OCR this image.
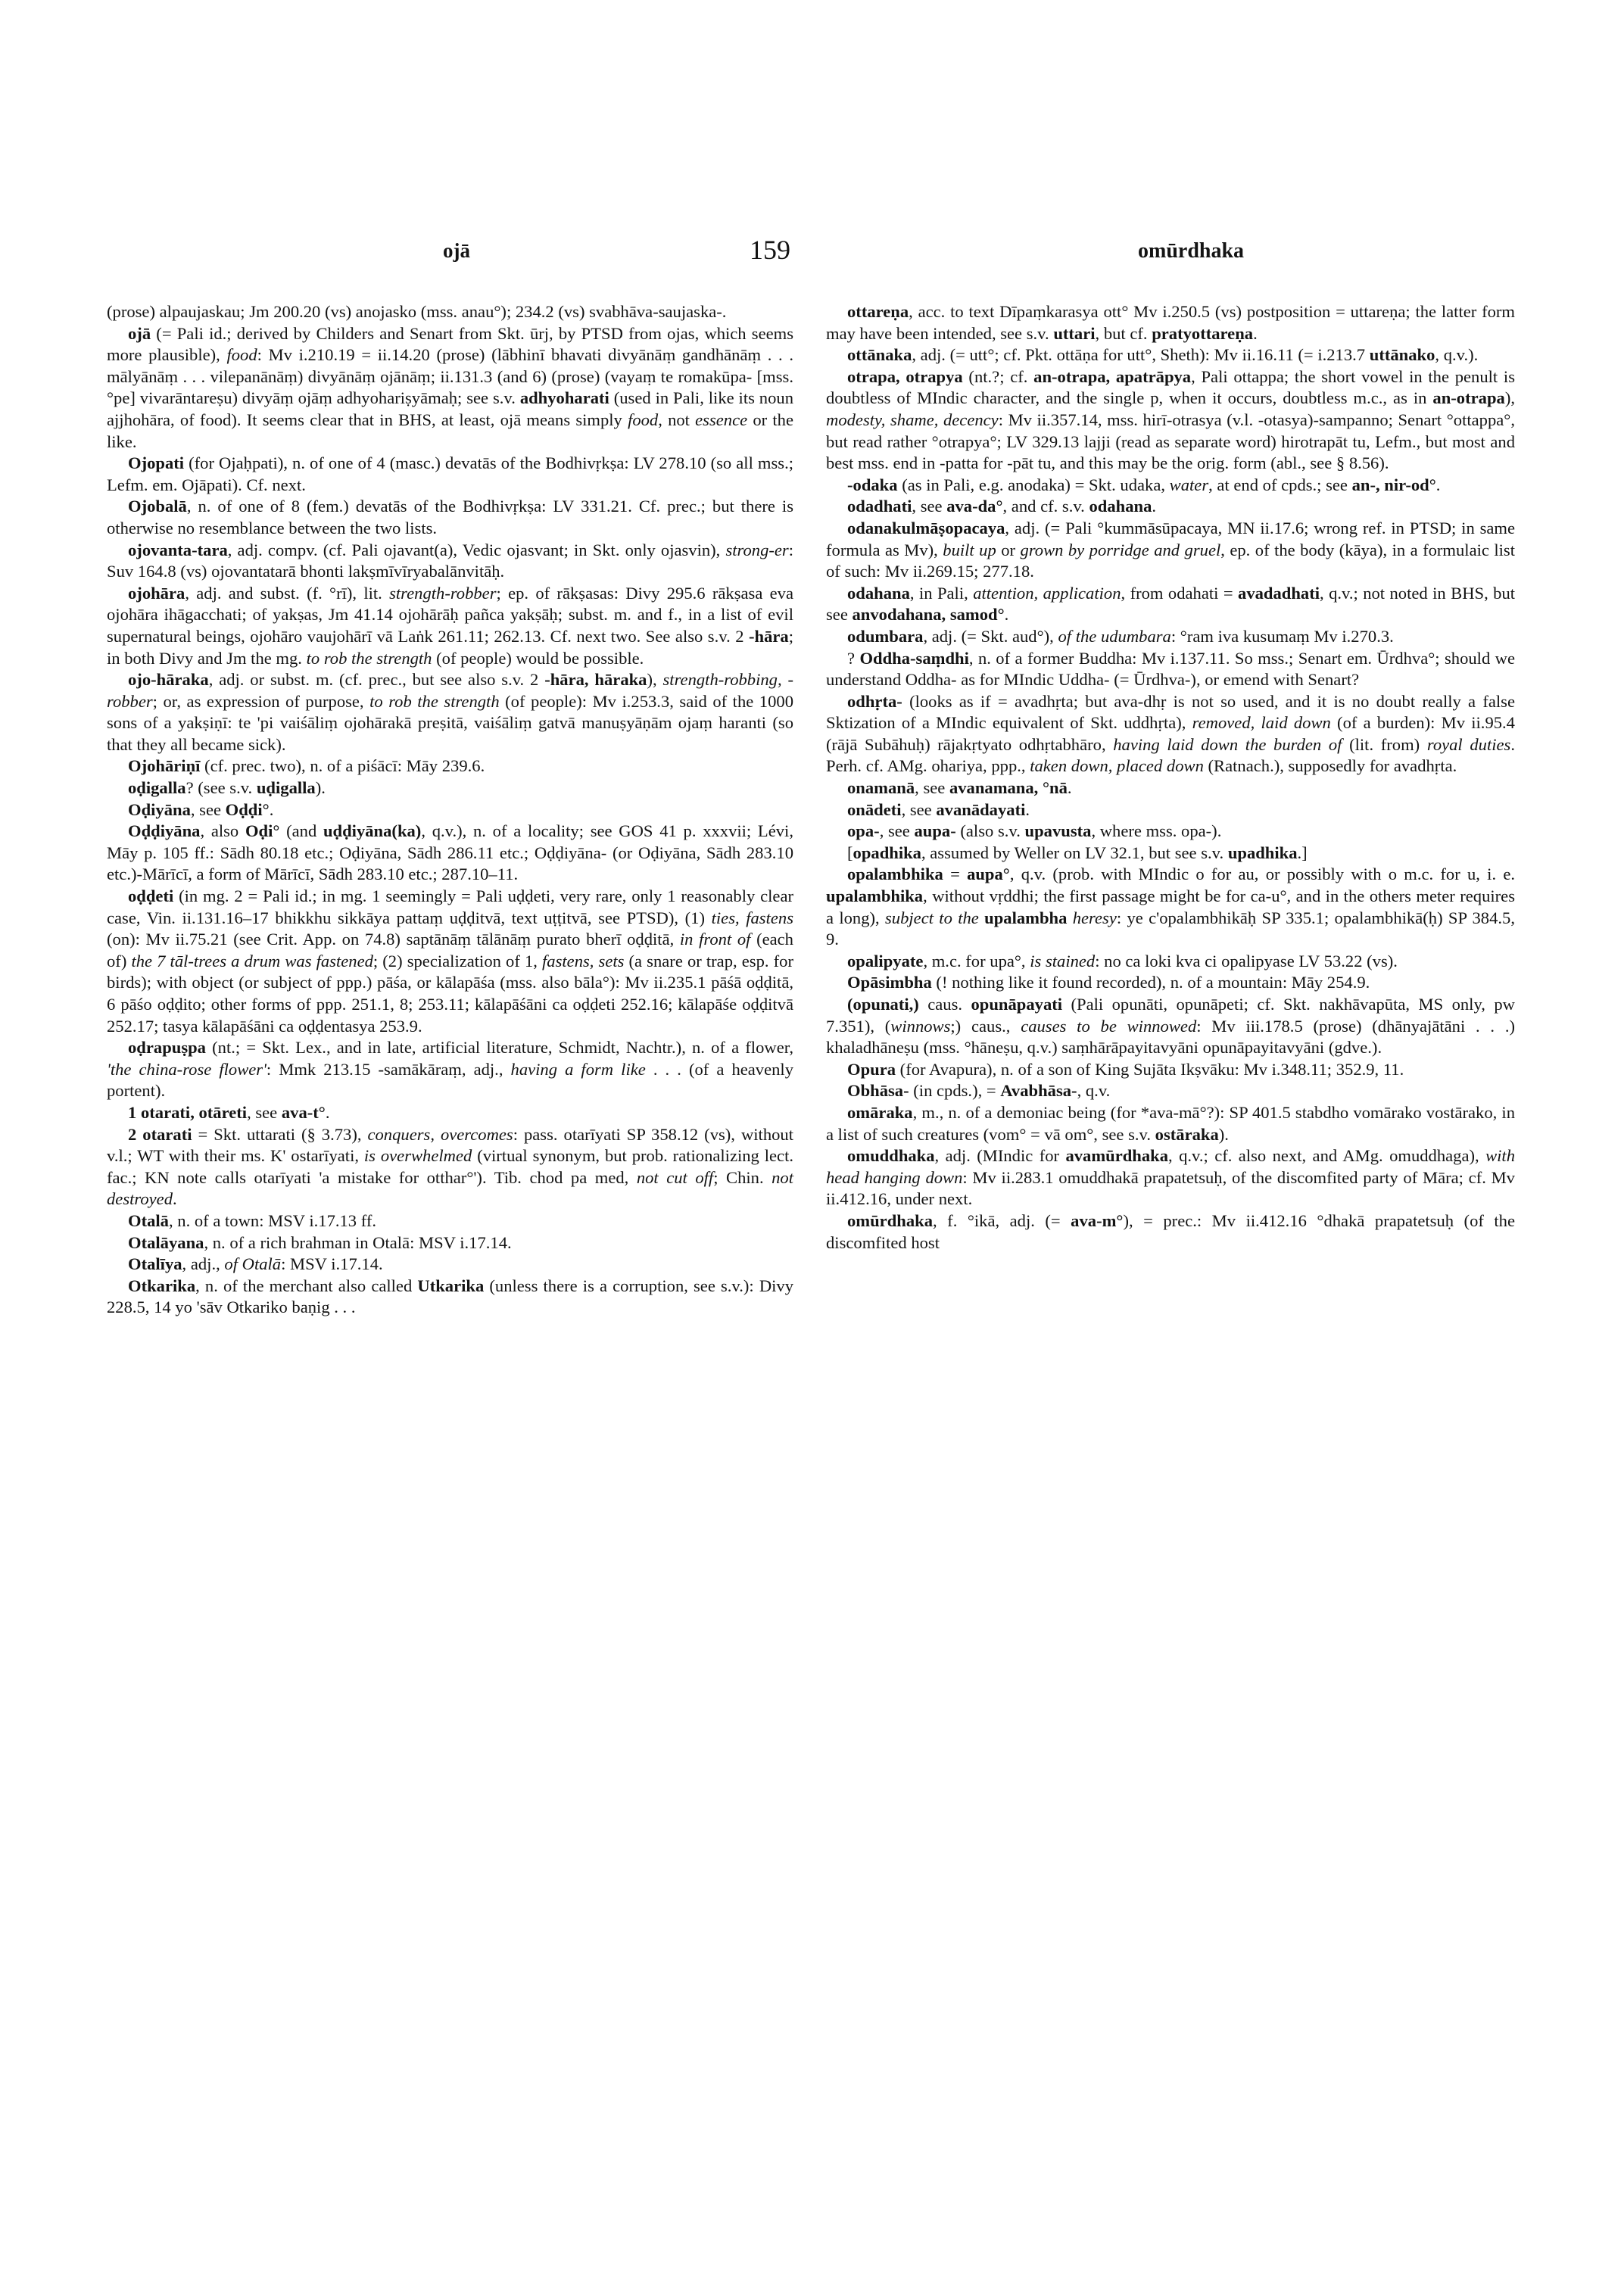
ojā	159	omūrdhaka

(prose) alpaujaskau; Jm 200.20 (vs) anojasko (mss. anau°); 234.2 (vs) svabhāva-saujaska-.

ojā (= Pali id.; derived by Childers and Senart from Skt. ūrj, by PTSD from ojas, which seems more plausible), food: Mv i.210.19 = ii.14.20 (prose) (lābhinī bhavati divyānāṃ gandhānāṃ . . . mālyānāṃ . . . vilepanānāṃ) divyānāṃ ojānāṃ; ii.131.3 (and 6) (prose) (vayaṃ te romakūpa- [mss. °pe] vivarāntareṣu) divyāṃ ojāṃ adhyohariṣyāmaḥ; see s.v. adhyoharati (used in Pali, like its noun ajjhohāra, of food). It seems clear that in BHS, at least, ojā means simply food, not essence or the like.

Ojopati (for Ojaḥpati), n. of one of 4 (masc.) devatās of the Bodhivṛkṣa: LV 278.10 (so all mss.; Lefm. em. Ojāpati). Cf. next.

Ojobalā, n. of one of 8 (fem.) devatās of the Bodhivṛkṣa: LV 331.21. Cf. prec.; but there is otherwise no resemblance between the two lists.

ojovanta-tara, adj. compv. (cf. Pali ojavant(a), Vedic ojasvant; in Skt. only ojasvin), strong-er: Suv 164.8 (vs) ojovantatarā bhonti lakṣmīvīryabalānvitāḥ.

ojohāra, adj. and subst. (f. °rī), lit. strength-robber; ep. of rākṣasas: Divy 295.6 rākṣasa eva ojohāra ihāgacchati; of yakṣas, Jm 41.14 ojohārāḥ pañca yakṣāḥ; subst. m. and f., in a list of evil supernatural beings, ojohāro vaujohārī vā Laṅk 261.11; 262.13. Cf. next two. See also s.v. 2 -hāra; in both Divy and Jm the mg. to rob the strength (of people) would be possible.

ojo-hāraka, adj. or subst. m. (cf. prec., but see also s.v. 2 -hāra, hāraka), strength-robbing, -robber; or, as expression of purpose, to rob the strength (of people): Mv i.253.3, said of the 1000 sons of a yakṣiṇī: te 'pi vaiśāliṃ ojohārakā preṣitā, vaiśāliṃ gatvā manuṣyāṇām ojaṃ haranti (so that they all became sick).

Ojohāriṇī (cf. prec. two), n. of a piśācī: Māy 239.6.

oḍigalla? (see s.v. uḍigalla).

Oḍiyāna, see Oḍḍi°.

Oḍḍiyāna, also Oḍi° (and uḍḍiyāna(ka), q.v.), n. of a locality; see GOS 41 p. xxxvii; Lévi, Māy p. 105 ff.: Sādh 80.18 etc.; Oḍiyāna, Sādh 286.11 etc.; Oḍḍiyāna- (or Oḍiyāna, Sādh 283.10 etc.)-Mārīcī, a form of Mārīcī, Sādh 283.10 etc.; 287.10–11.

oḍḍeti (in mg. 2 = Pali id.; in mg. 1 seemingly = Pali uḍḍeti, very rare, only 1 reasonably clear case, Vin. ii.131.16–17 bhikkhu sikkāya pattaṃ uḍḍitvā, text uṭṭitvā, see PTSD), (1) ties, fastens (on): Mv ii.75.21 (see Crit. App. on 74.8) saptānāṃ tālānāṃ purato bherī oḍḍitā, in front of (each of) the 7 tāl-trees a drum was fastened; (2) specialization of 1, fastens, sets (a snare or trap, esp. for birds); with object (or subject of ppp.) pāśa, or kālapāśa (mss. also bāla°): Mv ii.235.1 pāśā oḍḍitā, 6 pāśo oḍḍito; other forms of ppp. 251.1, 8; 253.11; kālapāśāni ca oḍḍeti 252.16; kālapāśe oḍḍitvā 252.17; tasya kālapāśāni ca oḍḍentasya 253.9.

oḍrapuṣpa (nt.; = Skt. Lex., and in late, artificial literature, Schmidt, Nachtr.), n. of a flower, 'the china-rose flower': Mmk 213.15 -samākāraṃ, adj., having a form like . . . (of a heavenly portent).

1 otarati, otāreti, see ava-t°.

2 otarati = Skt. uttarati (§ 3.73), conquers, overcomes: pass. otarīyati SP 358.12 (vs), without v.l.; WT with their ms. K' ostarīyati, is overwhelmed (virtual synonym, but prob. rationalizing lect. fac.; KN note calls otarīyati 'a mistake for otthar°'). Tib. chod pa med, not cut off; Chin. not destroyed.

Otalā, n. of a town: MSV i.17.13 ff.

Otalāyana, n. of a rich brahman in Otalā: MSV i.17.14.

Otalīya, adj., of Otalā: MSV i.17.14.

Otkarika, n. of the merchant also called Utkarika (unless there is a corruption, see s.v.): Divy 228.5, 14 yo 'sāv Otkariko baṇig . . .

ottareṇa, acc. to text Dīpaṃkarasya ott° Mv i.250.5 (vs) postposition = uttareṇa; the latter form may have been intended, see s.v. uttari, but cf. pratyottareṇa.

ottānaka, adj. (= utt°; cf. Pkt. ottāṇa for utt°, Sheth): Mv ii.16.11 (= i.213.7 uttānako, q.v.).

otrapa, otrapya (nt.?; cf. an-otrapa, apatrāpya, Pali ottappa; the short vowel in the penult is doubtless of MIndic character, and the single p, when it occurs, doubtless m.c., as in an-otrapa), modesty, shame, decency: Mv ii.357.14, mss. hirī-otrasya (v.l. -otasya)-sampanno; Senart °ottappa°, but read rather °otrapya°; LV 329.13 lajji (read as separate word) hirotrapāt tu, Lefm., but most and best mss. end in -patta for -pāt tu, and this may be the orig. form (abl., see § 8.56).

-odaka (as in Pali, e.g. anodaka) = Skt. udaka, water, at end of cpds.; see an-, nir-od°.

odadhati, see ava-da°, and cf. s.v. odahana.

odanakulmāṣopacaya, adj. (= Pali °kummāsūpacaya, MN ii.17.6; wrong ref. in PTSD; in same formula as Mv), built up or grown by porridge and gruel, ep. of the body (kāya), in a formulaic list of such: Mv ii.269.15; 277.18.

odahana, in Pali, attention, application, from odahati = avadadhati, q.v.; not noted in BHS, but see anvodahana, samod°.

odumbara, adj. (= Skt. aud°), of the udumbara: °ram iva kusumaṃ Mv i.270.3.

? Oddha-saṃdhi, n. of a former Buddha: Mv i.137.11. So mss.; Senart em. Ūrdhva°; should we understand Oddha- as for MIndic Uddha- (= Ūrdhva-), or emend with Senart?

odhṛta- (looks as if = avadhṛta; but ava-dhṛ is not so used, and it is no doubt really a false Sktization of a MIndic equivalent of Skt. uddhṛta), removed, laid down (of a burden): Mv ii.95.4 (rājā Subāhuḥ) rājakṛtyato odhṛtabhāro, having laid down the burden of (lit. from) royal duties. Perh. cf. AMg. ohariya, ppp., taken down, placed down (Ratnach.), supposedly for avadhṛta.

onamanā, see avanamana, °nā.

onādeti, see avanādayati.

opa-, see aupa- (also s.v. upavusta, where mss. opa-).

[opadhika, assumed by Weller on LV 32.1, but see s.v. upadhika.]

opalambhika = aupa°, q.v. (prob. with MIndic o for au, or possibly with o m.c. for u, i. e. upalambhika, without vṛddhi; the first passage might be for ca-u°, and in the others meter requires a long), subject to the upalambha heresy: ye c'opalambhikāḥ SP 335.1; opalambhikā(ḥ) SP 384.5, 9.

opalipyate, m.c. for upa°, is stained: no ca loki kva ci opalipyase LV 53.22 (vs).

Opāsimbha (! nothing like it found recorded), n. of a mountain: Māy 254.9.

(opunati,) caus. opunāpayati (Pali opunāti, opunāpeti; cf. Skt. nakhāvapūta, MS only, pw 7.351), (winnows;) caus., causes to be winnowed: Mv iii.178.5 (prose) (dhānyajātāni . . .) khaladhāneṣu (mss. °hāneṣu, q.v.) saṃhārāpayitavyāni opunāpayitavyāni (gdve.).

Opura (for Avapura), n. of a son of King Sujāta Ikṣvāku: Mv i.348.11; 352.9, 11.

Obhāsa- (in cpds.), = Avabhāsa-, q.v.

omāraka, m., n. of a demoniac being (for *ava-mā°?): SP 401.5 stabdho vomārako vostārako, in a list of such creatures (vom° = vā om°, see s.v. ostāraka).

omuddhaka, adj. (MIndic for avamūrdhaka, q.v.; cf. also next, and AMg. omuddhaga), with head hanging down: Mv ii.283.1 omuddhakā prapatetsuḥ, of the discomfited party of Māra; cf. Mv ii.412.16, under next.

omūrdhaka, f. °ikā, adj. (= ava-m°), = prec.: Mv ii.412.16 °dhakā prapatetsuḥ (of the discomfited host
